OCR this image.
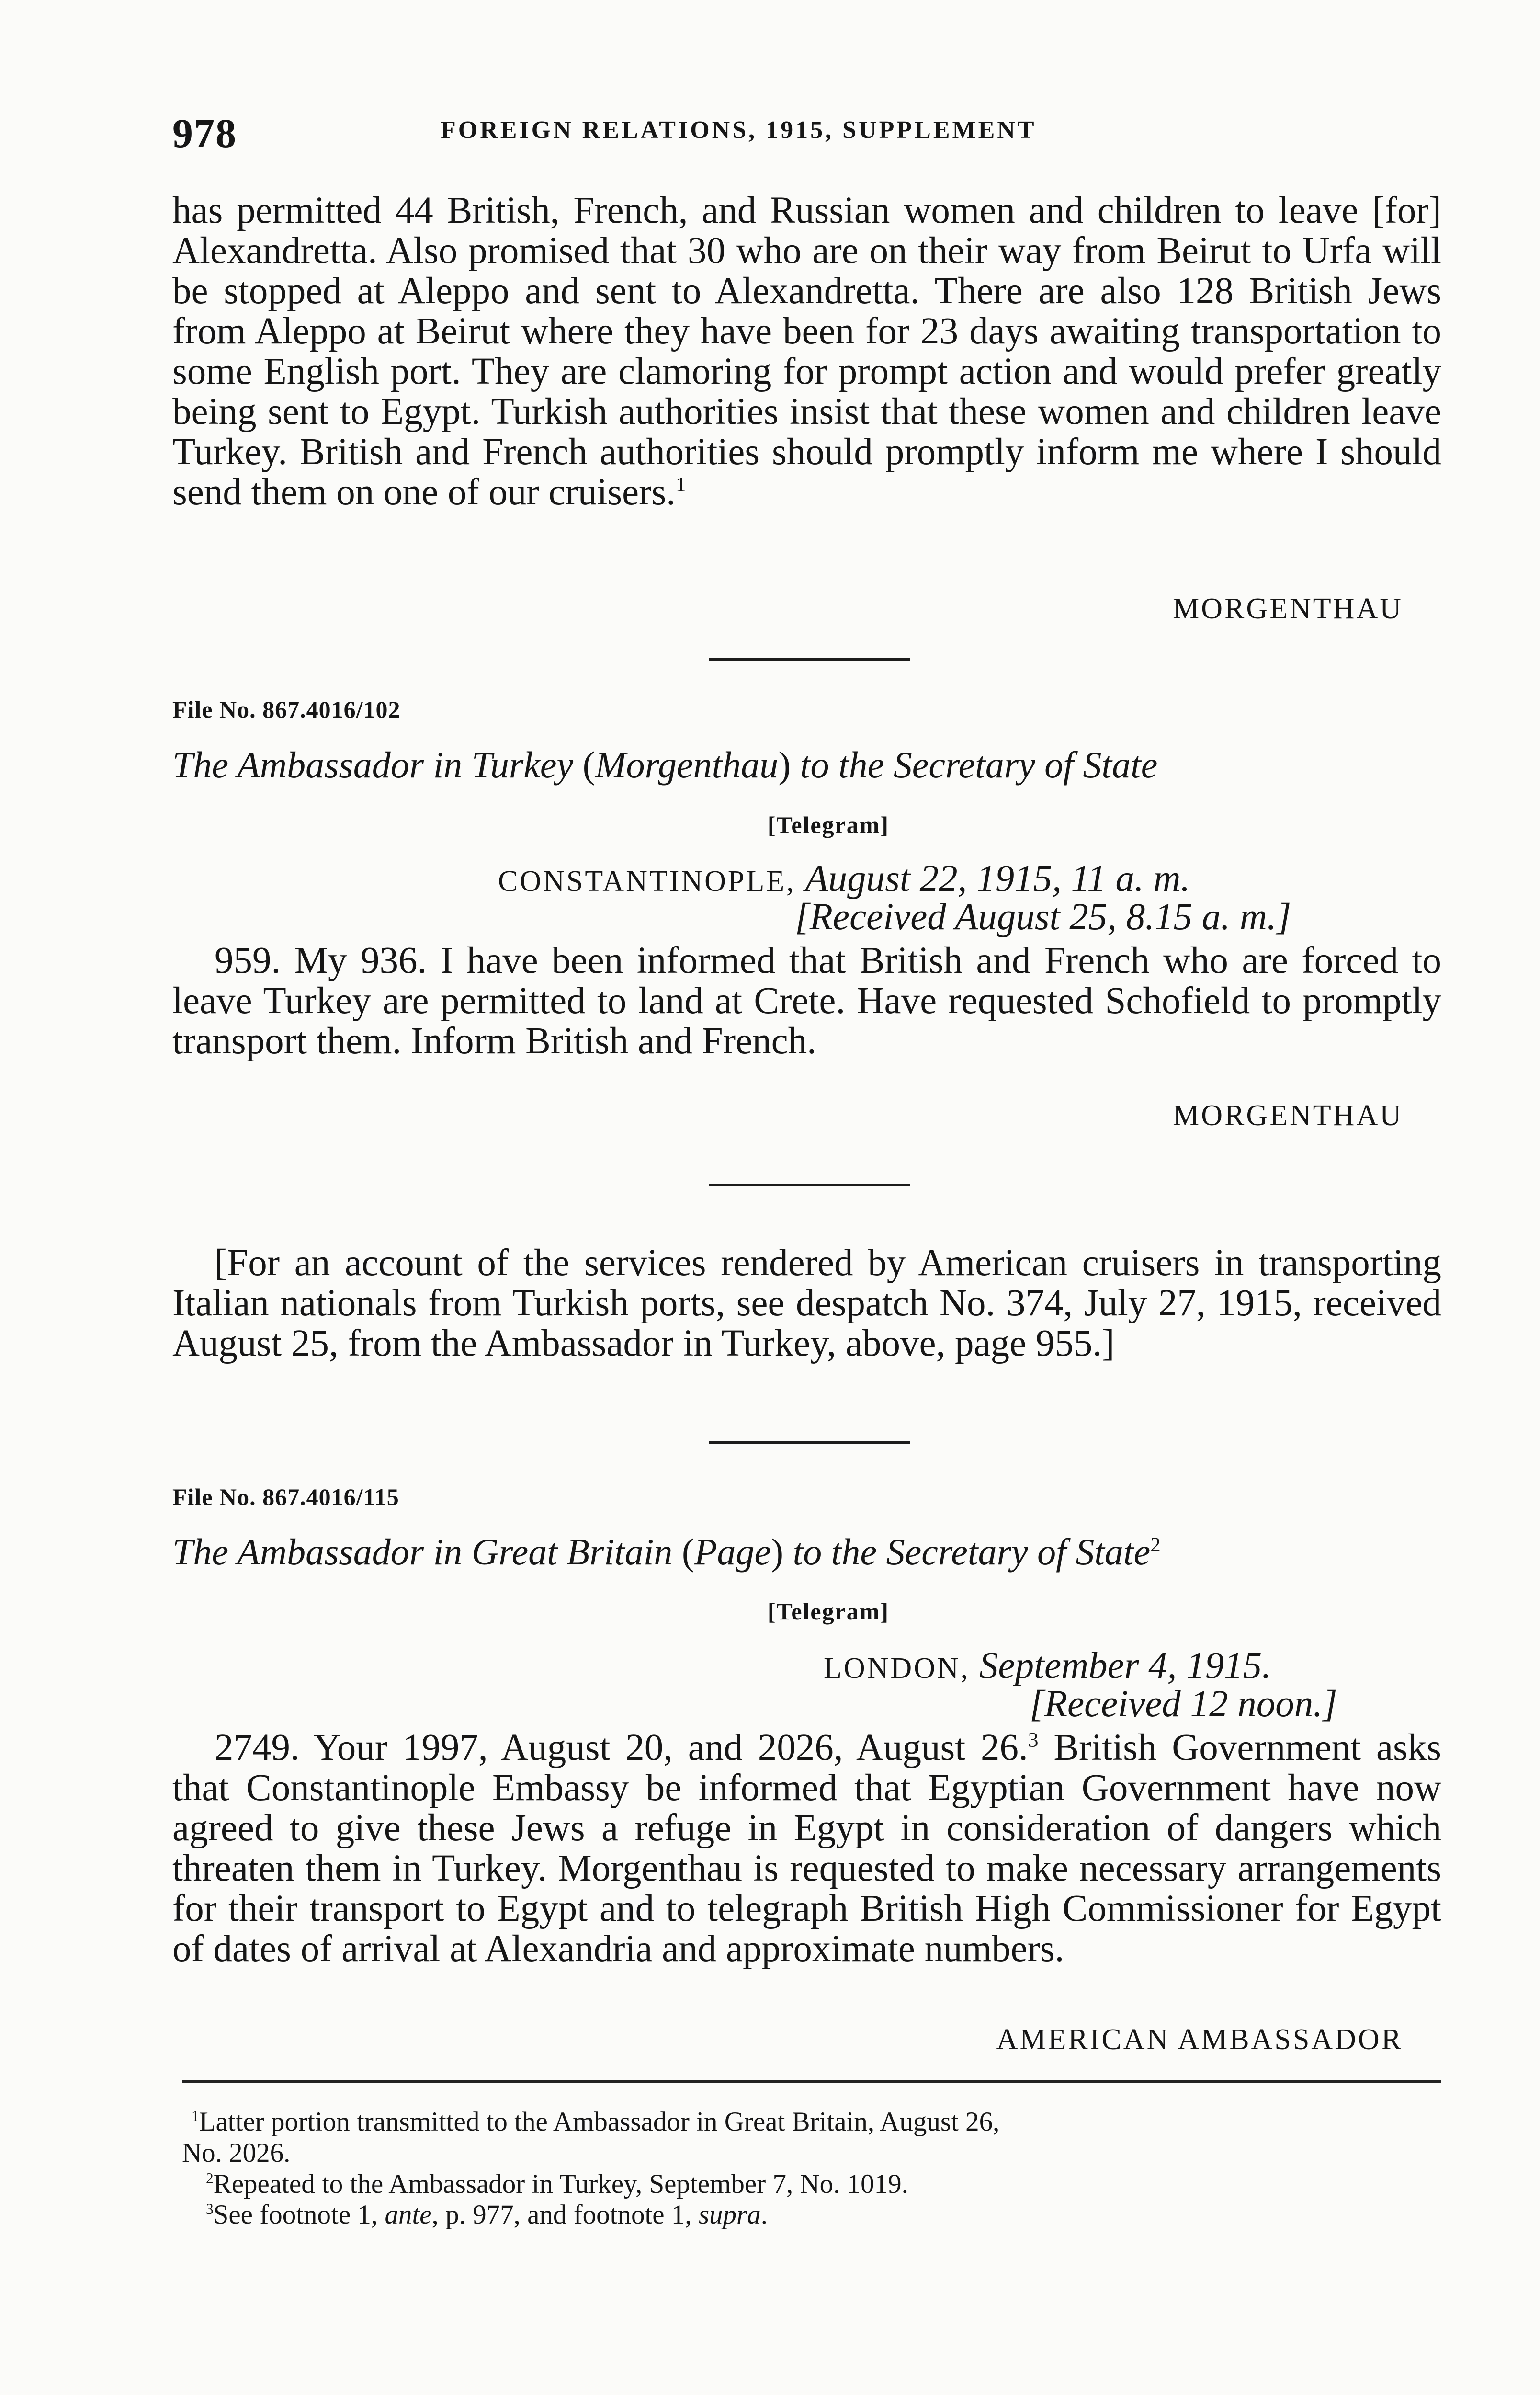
978	FOREIGN RELATIONS, 1915, SUPPLEMENT

has permitted 44 British, French, and Russian women and children to leave [for] Alexandretta. Also promised that 30 who are on their way from Beirut to Urfa will be stopped at Aleppo and sent to Alexandretta. There are also 128 British Jews from Aleppo at Beirut where they have been for 23 days awaiting transportation to some English port. They are clamoring for prompt action and would prefer greatly being sent to Egypt. Turkish authorities insist that these women and children leave Turkey. British and French authorities should promptly inform me where I should send them on one of our cruisers.$^1$

MORGENTHAU
File No. 867.4016/102
The Ambassador in Turkey (Morgenthau) to the Secretary of State
[Telegram]
CONSTANTINOPLE, August 22, 1915, 11 a. m.
[Received August 25, 8.15 a. m.]

959. My 936. I have been informed that British and French who are forced to leave Turkey are permitted to land at Crete. Have requested Schofield to promptly transport them. Inform British and French.

MORGENTHAU

[For an account of the services rendered by American cruisers in transporting Italian nationals from Turkish ports, see despatch No. 374, July 27, 1915, received August 25, from the Ambassador in Turkey, above, page 955.]

File No. 867.4016/115
The Ambassador in Great Britain (Page) to the Secretary of State$^2$
[Telegram]
LONDON, September 4, 1915.
[Received 12 noon.]

2749. Your 1997, August 20, and 2026, August 26.$^3$ British Government asks that Constantinople Embassy be informed that Egyptian Government have now agreed to give these Jews a refuge in Egypt in consideration of dangers which threaten them in Turkey. Morgenthau is requested to make necessary arrangements for their transport to Egypt and to telegraph British High Commissioner for Egypt of dates of arrival at Alexandria and approximate numbers.

AMERICAN AMBASSADOR
$^1$Latter portion transmitted to the Ambassador in Great Britain, August 26,
No. 2026.
$^2$Repeated to the Ambassador in Turkey, September 7, No. 1019.
$^3$See footnote 1, ante, p. 977, and footnote 1, supra.
